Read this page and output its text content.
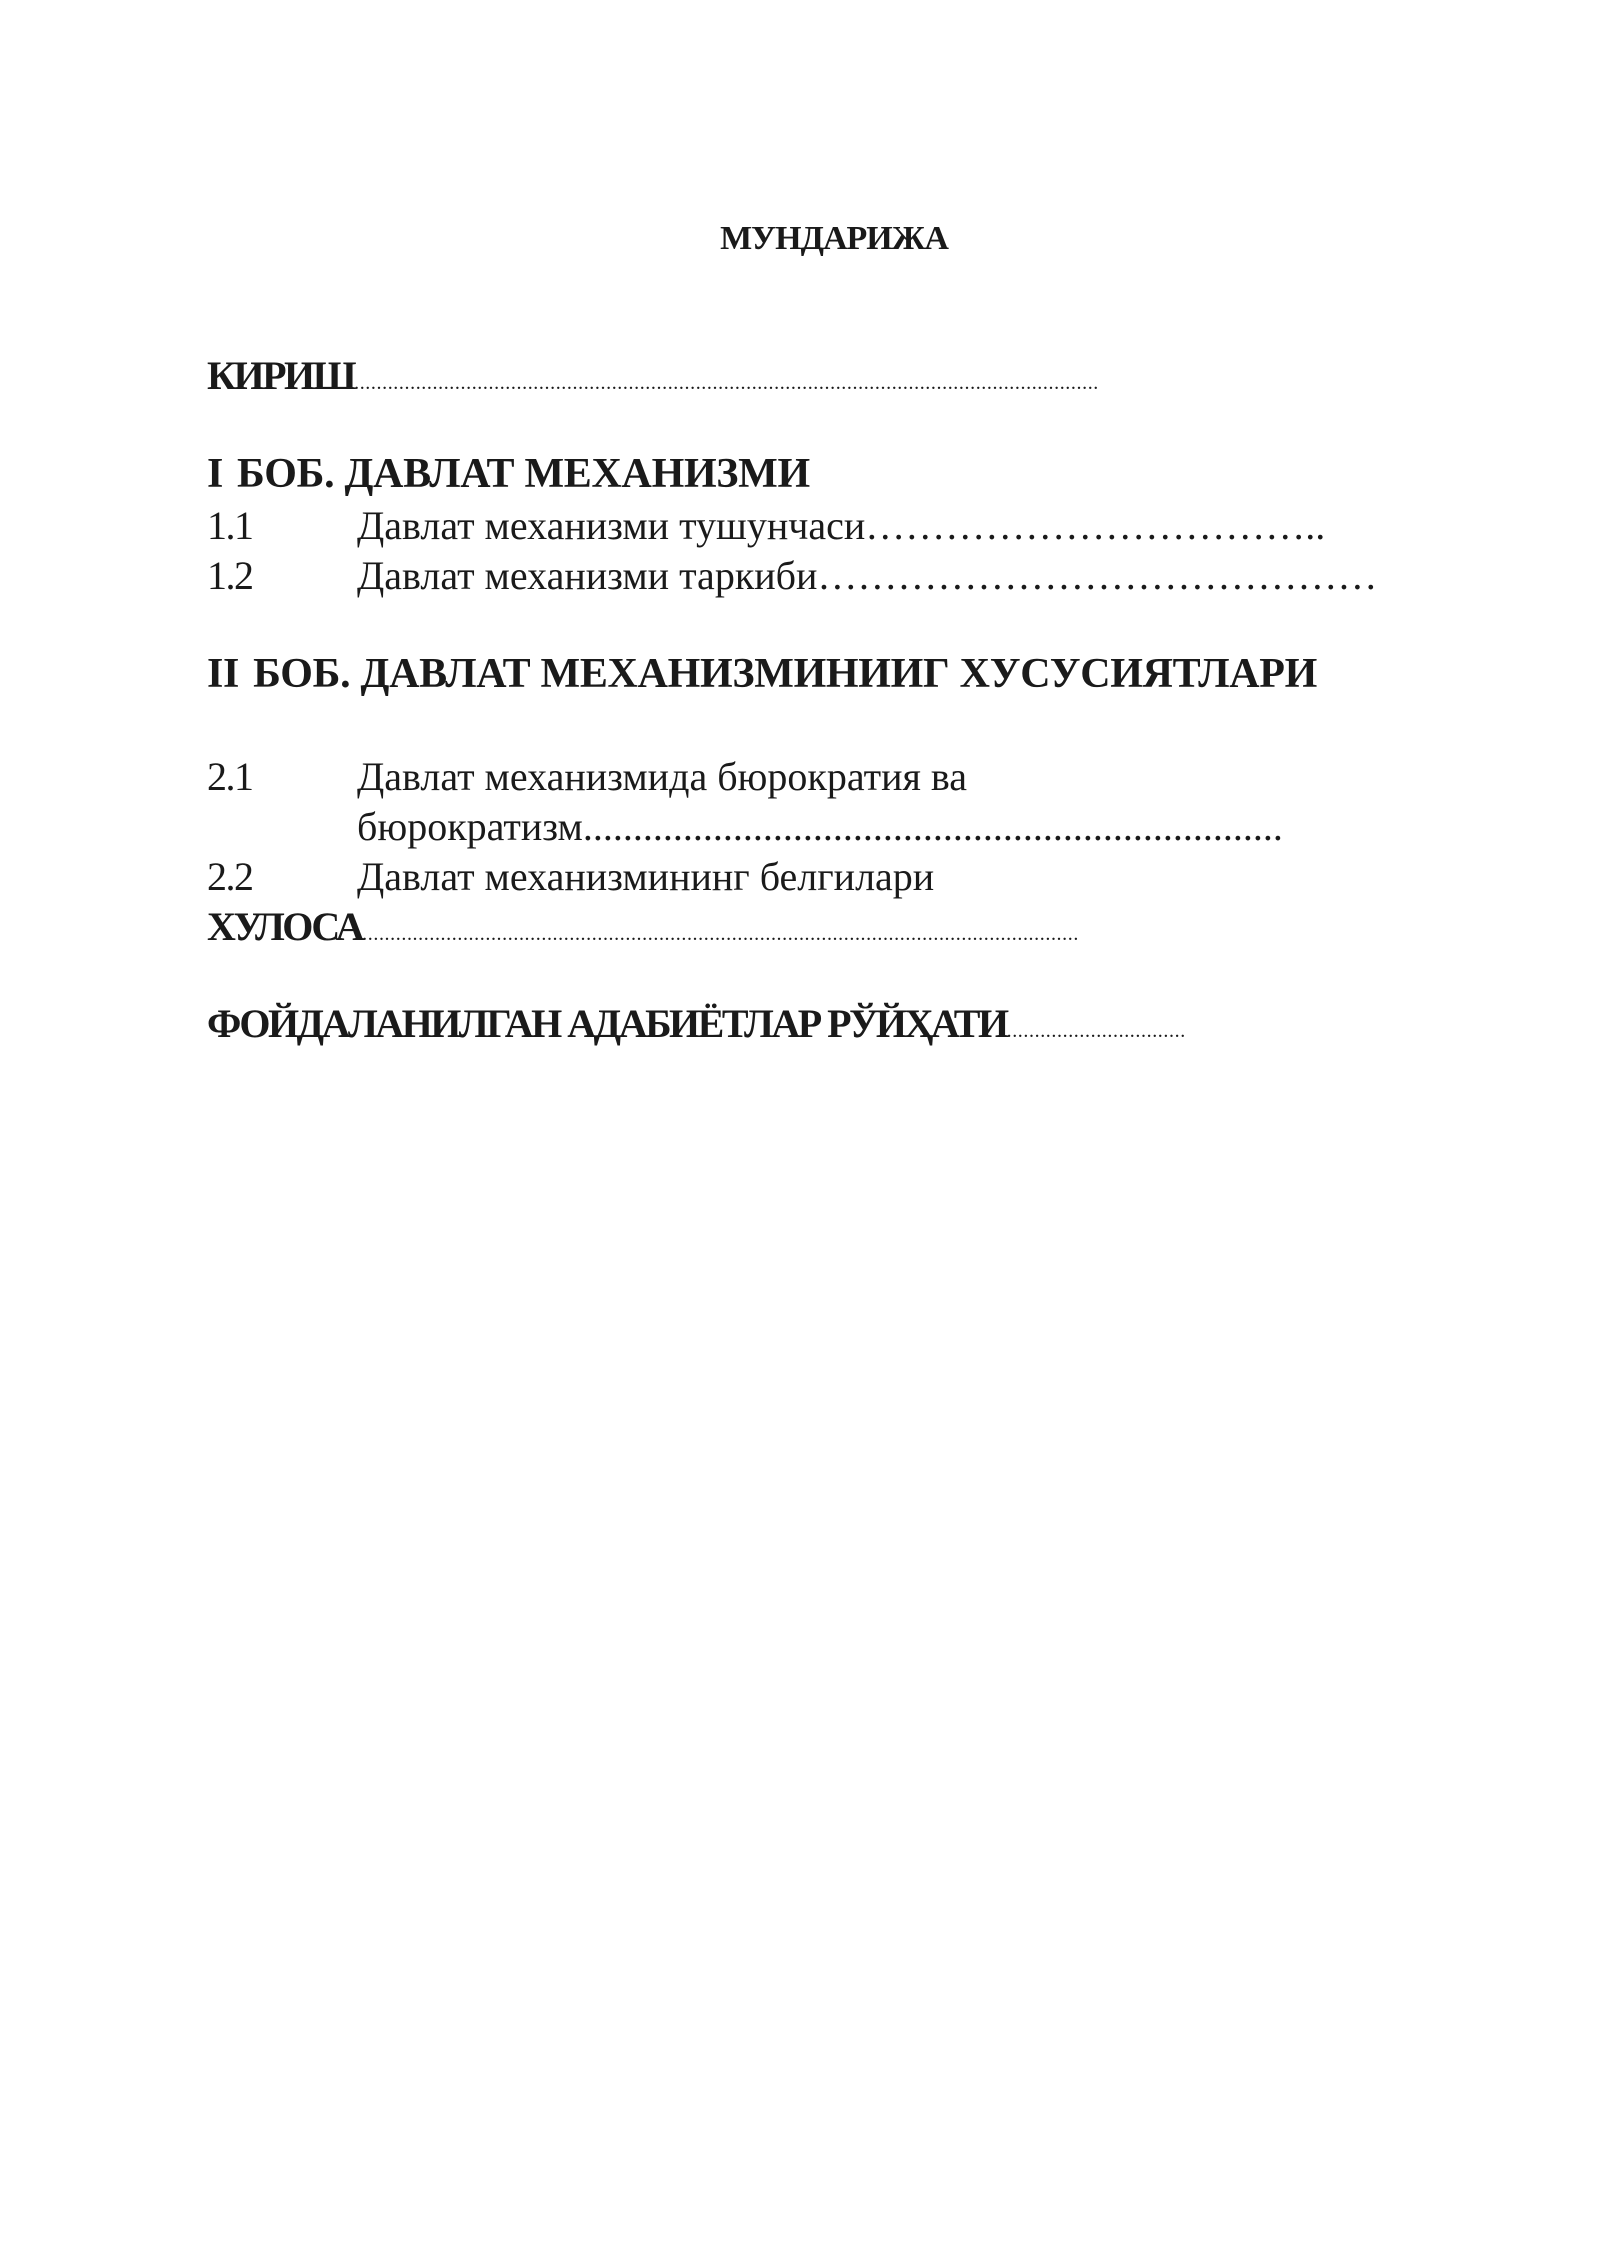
МУНДАРИЖА
КИРИШ.....................................................................................................................................
I БОБ. ДАВЛАТ МЕХАНИЗМИ
1.1	Давлат механизми тушунчаси……………………………..
1.2	Давлат механизми таркиби……………………………………
II БОБ. ДАВЛАТ МЕХАНИЗМИНИИГ ХУСУСИЯТЛАРИ
2.1	Давлат механизмида бюрократия ва
бюрократизм......................................................................
2.2	Давлат механизмининг белгилари
ХУЛОСА................................................................................................................................
ФОЙДАЛАНИЛГАН АДАБИЁТЛАР РЎЙҲАТИ................................
